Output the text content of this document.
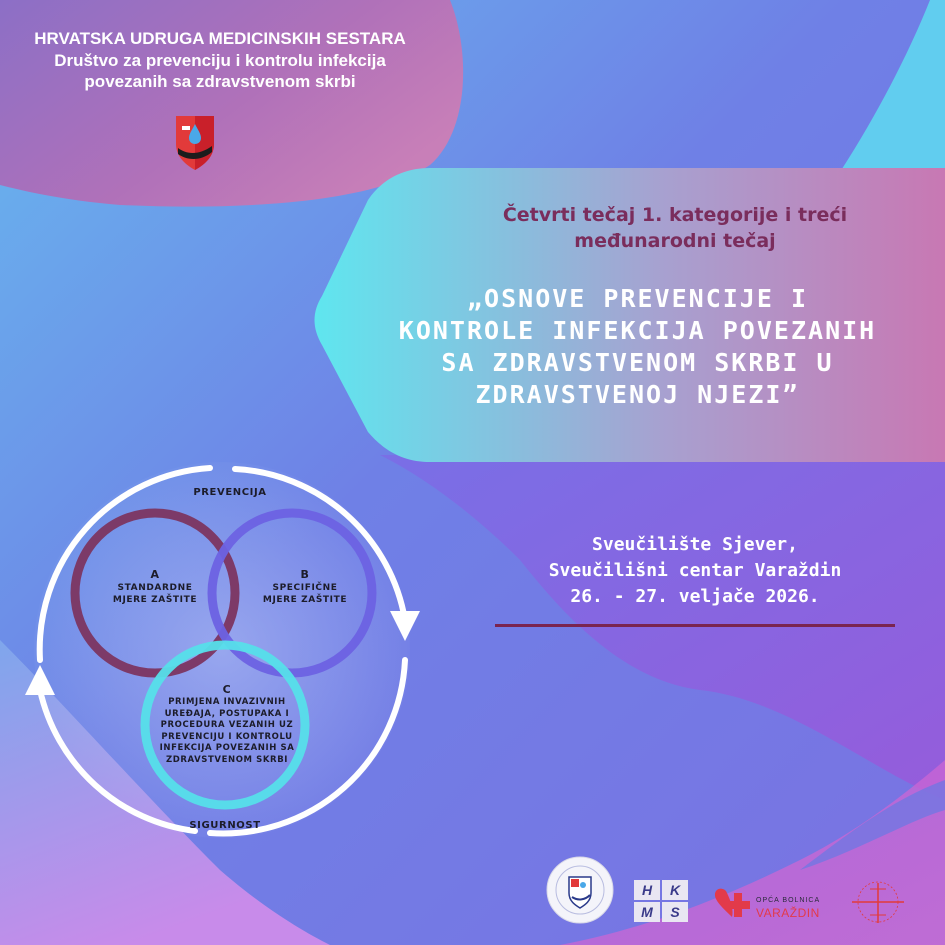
HRVATSKA UDRUGA MEDICINSKIH SESTARA
Društvo za prevenciju i kontrolu infekcija
povezanih sa zdravstvenom skrbi
Četvrti tečaj 1. kategorije i treći
međunarodni tečaj
„OSNOVE PREVENCIJE I
KONTROLE INFEKCIJA POVEZANIH
SA ZDRAVSTVENOM SKRBI U
ZDRAVSTVENOJ NJEZI”
Sveučilište Sjever,
Sveučilišni centar Varaždin
26. - 27. veljače 2026.
PREVENCIJA
SIGURNOST
A
STANDARDNE
MJERE ZAŠTITE
B
SPECIFIČNE
MJERE ZAŠTITE
C
PRIMJENA INVAZIVNIH
UREĐAJA, POSTUPAKA I
PROCEDURA VEZANIH UZ
PREVENCIJU I KONTROLU
INFEKCIJA POVEZANIH SA
ZDRAVSTVENOM SKRBI
H	K
M	S
OPĆA BOLNICA
VARAŽDIN
